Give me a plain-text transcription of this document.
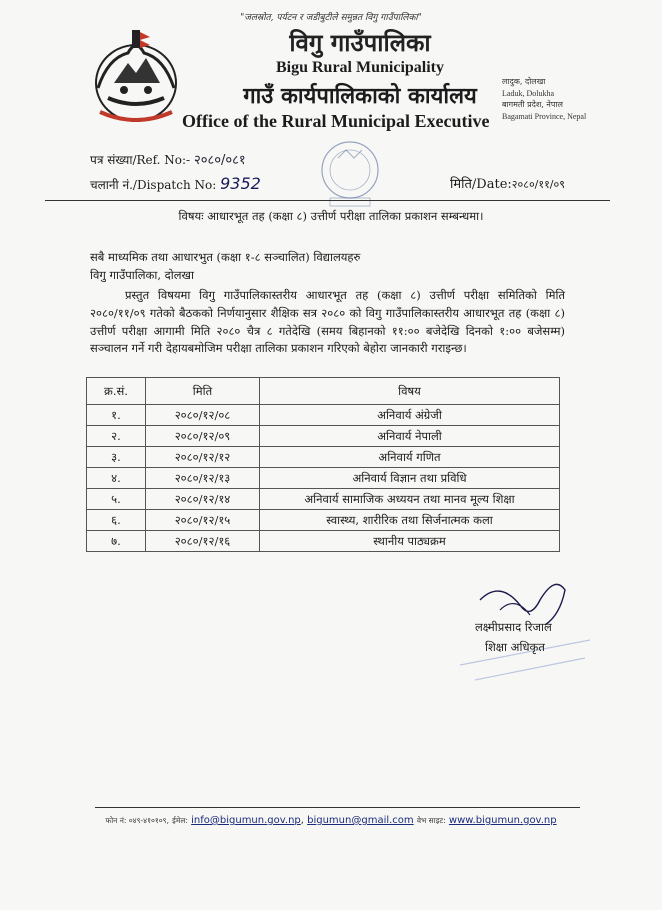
"जलस्रोत, पर्यटन र जडीबुटीले समुन्नत विगु गाउँपालिका"
विगु गाउँपालिका
Bigu Rural Municipality
गाउँ कार्यपालिकाको कार्यालय
Office of the Rural Municipal Executive
लादुक, दोलखा
Laduk, Dolukha
बागमती प्रदेश, नेपाल
Bagamati Province, Nepal
पत्र संख्या/Ref. No:- २०८०/०८१
चलानी नं./Dispatch No: 9352	मिति/Date:२०८०/११/०९
विषयः आधारभूत तह (कक्षा ८) उत्तीर्ण परीक्षा तालिका प्रकाशन सम्बन्धमा।
सबै माध्यमिक तथा आधारभुत (कक्षा १-८ सञ्चालित) विद्यालयहरु
विगु गाउँपालिका, दोलखा
प्रस्तुत विषयमा विगु गाउँपालिकास्तरीय आधारभूत तह (कक्षा ८) उत्तीर्ण परीक्षा समितिको मिति २०८०/११/०९ गतेको बैठकको निर्णयानुसार शैक्षिक सत्र २०८० को विगु गाउँपालिकास्तरीय आधारभूत तह (कक्षा ८) उत्तीर्ण परीक्षा आगामी मिति २०८० चैत्र ८ गतेदेखि (समय बिहानको ११:०० बजेदेखि दिनको १:०० बजेसम्म) सञ्चालन गर्ने गरी देहायबमोजिम परीक्षा तालिका प्रकाशन गरिएको बेहोरा जानकारी गराइन्छ।
क्र.सं.	मिति	विषय
१.	२०८०/१२/०८	अनिवार्य अंग्रेजी
२.	२०८०/१२/०९	अनिवार्य नेपाली
३.	२०८०/१२/१२	अनिवार्य गणित
४.	२०८०/१२/१३	अनिवार्य विज्ञान तथा प्रविधि
५.	२०८०/१२/१४	अनिवार्य सामाजिक अध्ययन तथा मानव मूल्य शिक्षा
६.	२०८०/१२/१५	स्वास्थ्य, शारीरिक तथा सिर्जनात्मक कला
७.	२०८०/१२/१६	स्थानीय पाठ्यक्रम
लक्ष्मीप्रसाद रिजाल
शिक्षा अधिकृत
फोन नं: ०४९-४१०१०९, ईमेल: info@bigumun.gov.np, bigumun@gmail.com वेभ साइट: www.bigumun.gov.np
